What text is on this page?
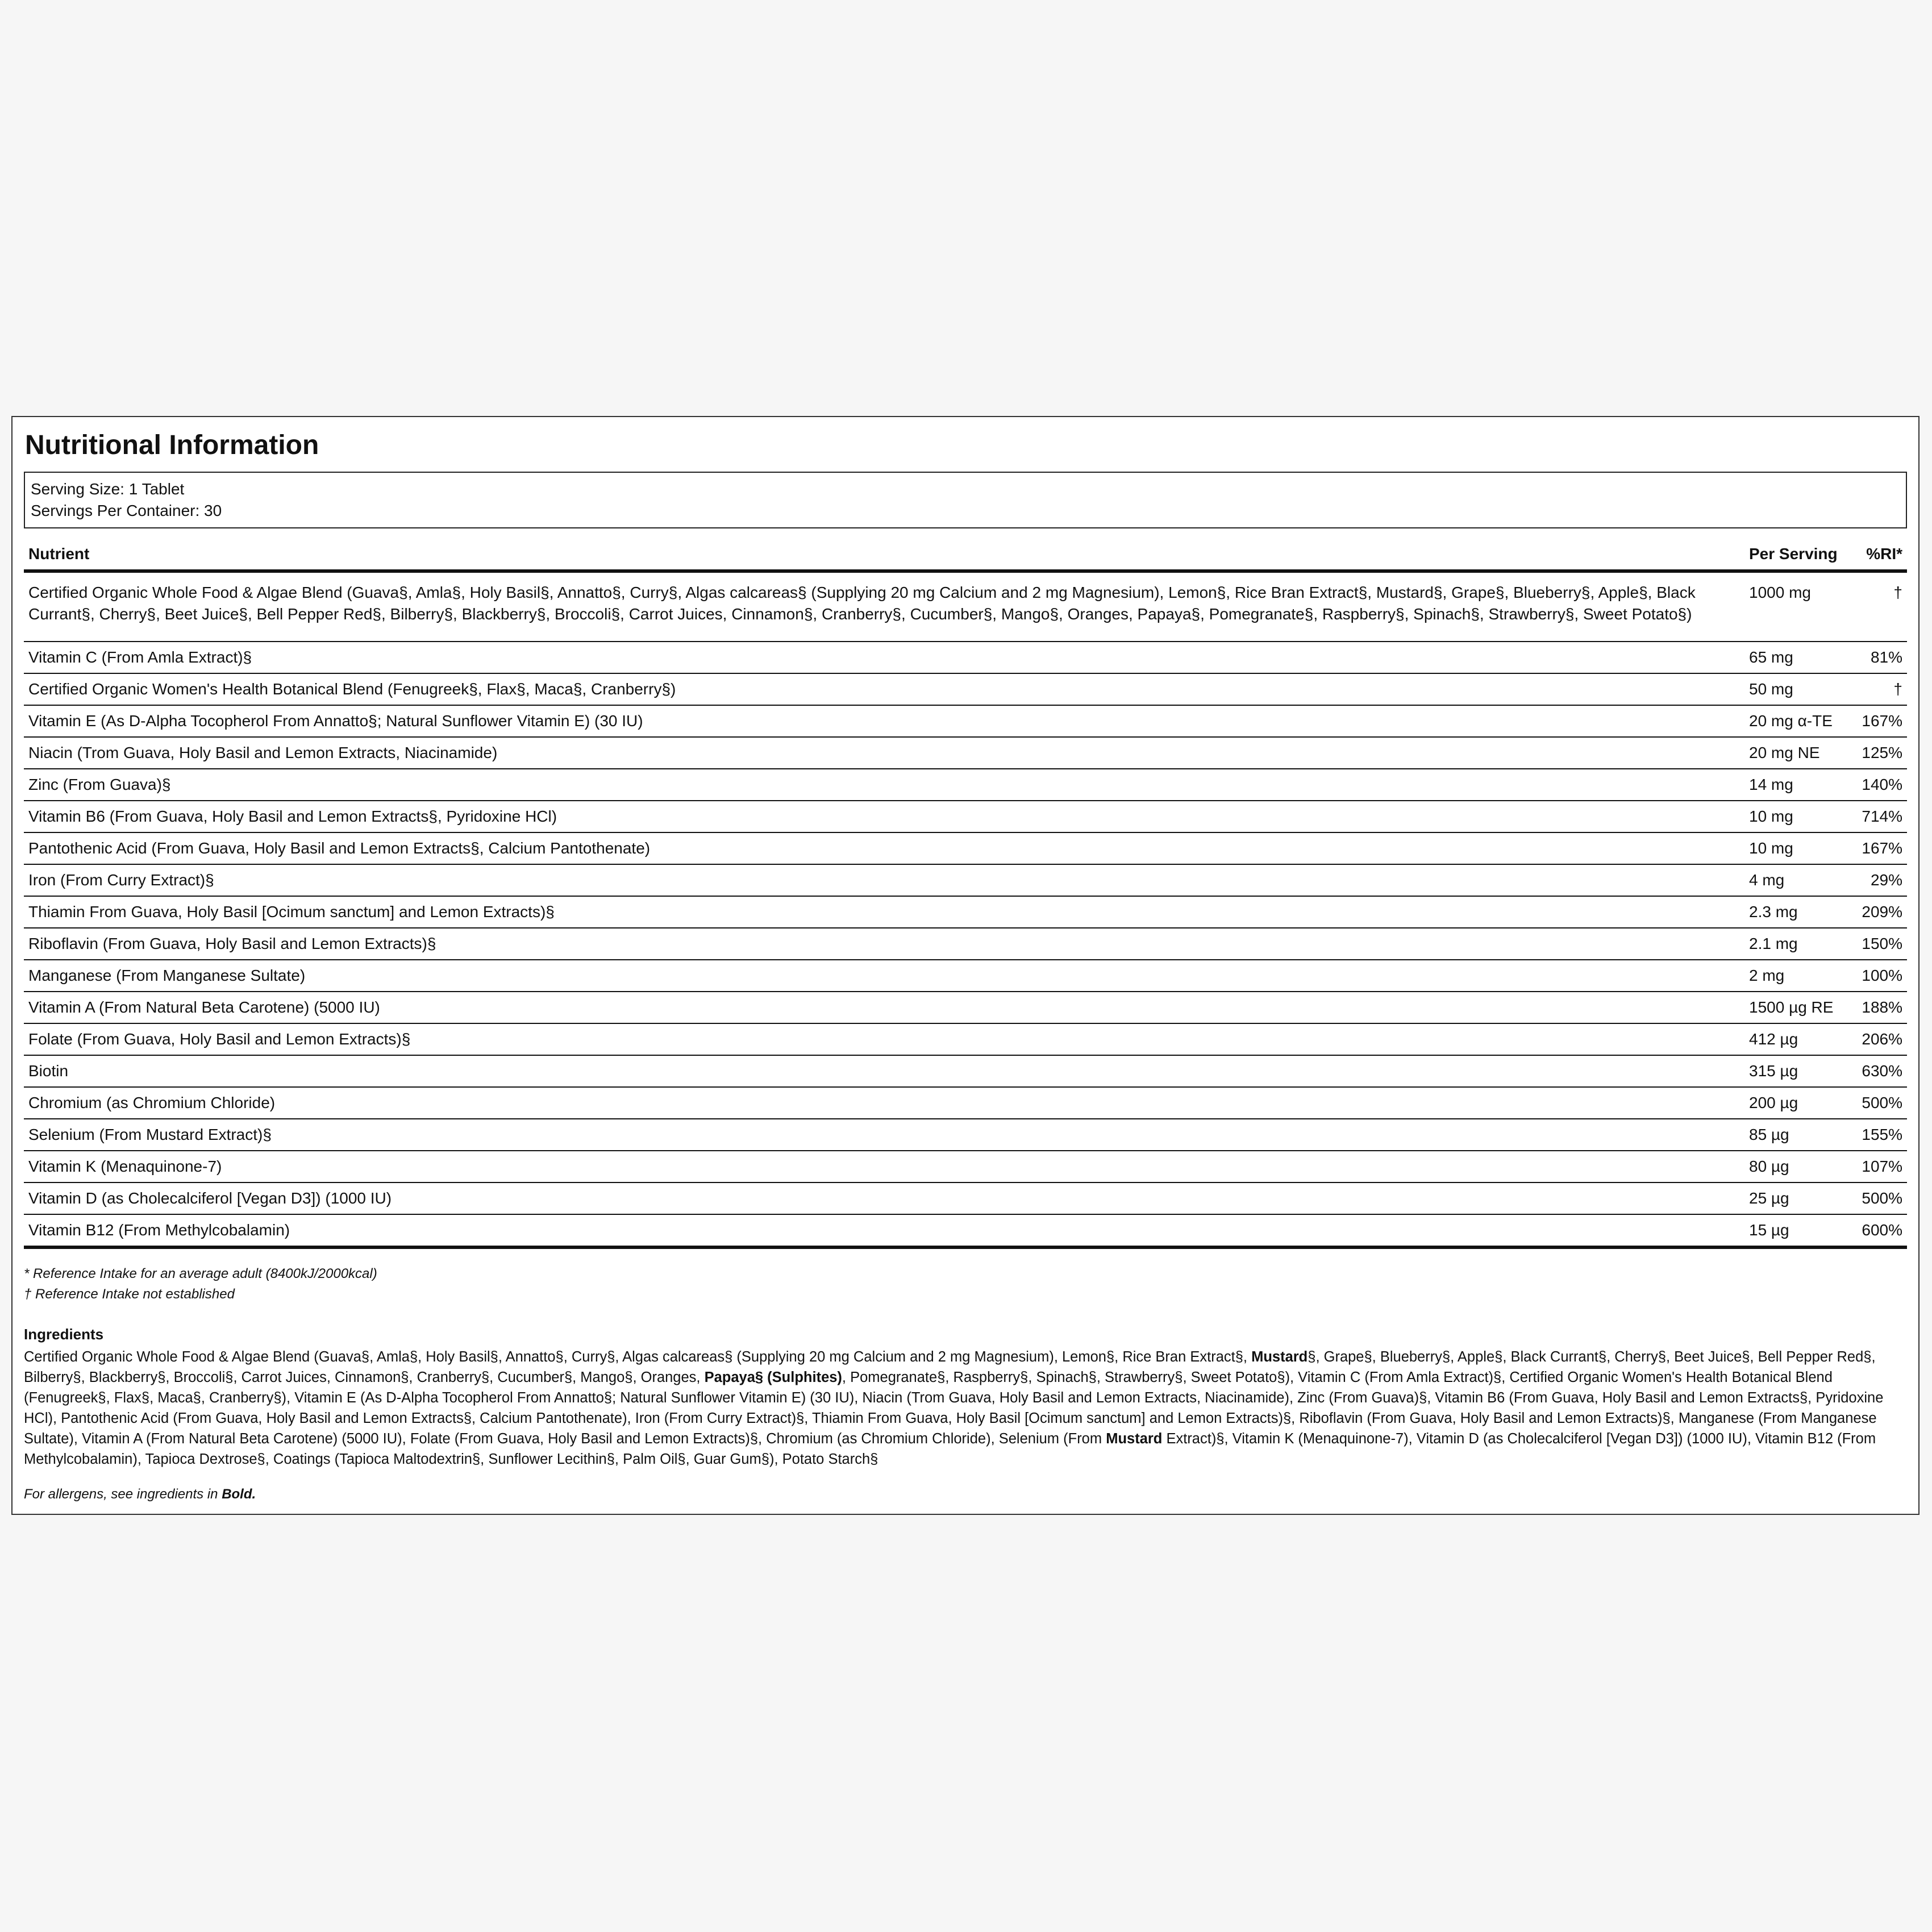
Nutritional Information
Serving Size: 1 Tablet
Servings Per Container: 30
Nutrient	Per Serving	%RI*
Certified Organic Whole Food & Algae Blend (Guava§, Amla§, Holy Basil§, Annatto§, Curry§, Algas calcareas§ (Supplying 20 mg Calcium and 2 mg Magnesium), Lemon§, Rice Bran Extract§, Mustard§, Grape§, Blueberry§, Apple§, Black Currant§, Cherry§, Beet Juice§, Bell Pepper Red§, Bilberry§, Blackberry§, Broccoli§, Carrot Juices, Cinnamon§, Cranberry§, Cucumber§, Mango§, Oranges, Papaya§, Pomegranate§, Raspberry§, Spinach§, Strawberry§, Sweet Potato§)	1000 mg	†
Vitamin C (From Amla Extract)§	65 mg	81%
Certified Organic Women's Health Botanical Blend (Fenugreek§, Flax§, Maca§, Cranberry§)	50 mg	†
Vitamin E (As D-Alpha Tocopherol From Annatto§; Natural Sunflower Vitamin E) (30 IU)	20 mg α-TE	167%
Niacin (Trom Guava, Holy Basil and Lemon Extracts, Niacinamide)	20 mg NE	125%
Zinc (From Guava)§	14 mg	140%
Vitamin B6 (From Guava, Holy Basil and Lemon Extracts§, Pyridoxine HCl)	10 mg	714%
Pantothenic Acid (From Guava, Holy Basil and Lemon Extracts§, Calcium Pantothenate)	10 mg	167%
Iron (From Curry Extract)§	4 mg	29%
Thiamin From Guava, Holy Basil [Ocimum sanctum] and Lemon Extracts)§	2.3 mg	209%
Riboflavin (From Guava, Holy Basil and Lemon Extracts)§	2.1 mg	150%
Manganese (From Manganese Sultate)	2 mg	100%
Vitamin A (From Natural Beta Carotene) (5000 IU)	1500 µg RE	188%
Folate (From Guava, Holy Basil and Lemon Extracts)§	412 µg	206%
Biotin	315 µg	630%
Chromium (as Chromium Chloride)	200 µg	500%
Selenium (From Mustard Extract)§	85 µg	155%
Vitamin K (Menaquinone-7)	80 µg	107%
Vitamin D (as Cholecalciferol [Vegan D3]) (1000 IU)	25 µg	500%
Vitamin B12 (From Methylcobalamin)	15 µg	600%
* Reference Intake for an average adult (8400kJ/2000kcal)
† Reference Intake not established
Ingredients
Certified Organic Whole Food & Algae Blend (Guava§, Amla§, Holy Basil§, Annatto§, Curry§, Algas calcareas§ (Supplying 20 mg Calcium and 2 mg Magnesium), Lemon§, Rice Bran Extract§, Mustard§, Grape§, Blueberry§, Apple§, Black Currant§, Cherry§, Beet Juice§, Bell Pepper Red§, Bilberry§, Blackberry§, Broccoli§, Carrot Juices, Cinnamon§, Cranberry§, Cucumber§, Mango§, Oranges, Papaya§ (Sulphites), Pomegranate§, Raspberry§, Spinach§, Strawberry§, Sweet Potato§), Vitamin C (From Amla Extract)§, Certified Organic Women's Health Botanical Blend (Fenugreek§, Flax§, Maca§, Cranberry§), Vitamin E (As D-Alpha Tocopherol From Annatto§; Natural Sunflower Vitamin E) (30 IU), Niacin (Trom Guava, Holy Basil and Lemon Extracts, Niacinamide), Zinc (From Guava)§, Vitamin B6 (From Guava, Holy Basil and Lemon Extracts§, Pyridoxine HCl), Pantothenic Acid (From Guava, Holy Basil and Lemon Extracts§, Calcium Pantothenate), Iron (From Curry Extract)§, Thiamin From Guava, Holy Basil [Ocimum sanctum] and Lemon Extracts)§, Riboflavin (From Guava, Holy Basil and Lemon Extracts)§, Manganese (From Manganese Sultate), Vitamin A (From Natural Beta Carotene) (5000 IU), Folate (From Guava, Holy Basil and Lemon Extracts)§, Chromium (as Chromium Chloride), Selenium (From Mustard Extract)§, Vitamin K (Menaquinone-7), Vitamin D (as Cholecalciferol [Vegan D3]) (1000 IU), Vitamin B12 (From Methylcobalamin), Tapioca Dextrose§, Coatings (Tapioca Maltodextrin§, Sunflower Lecithin§, Palm Oil§, Guar Gum§), Potato Starch§
For allergens, see ingredients in Bold.
